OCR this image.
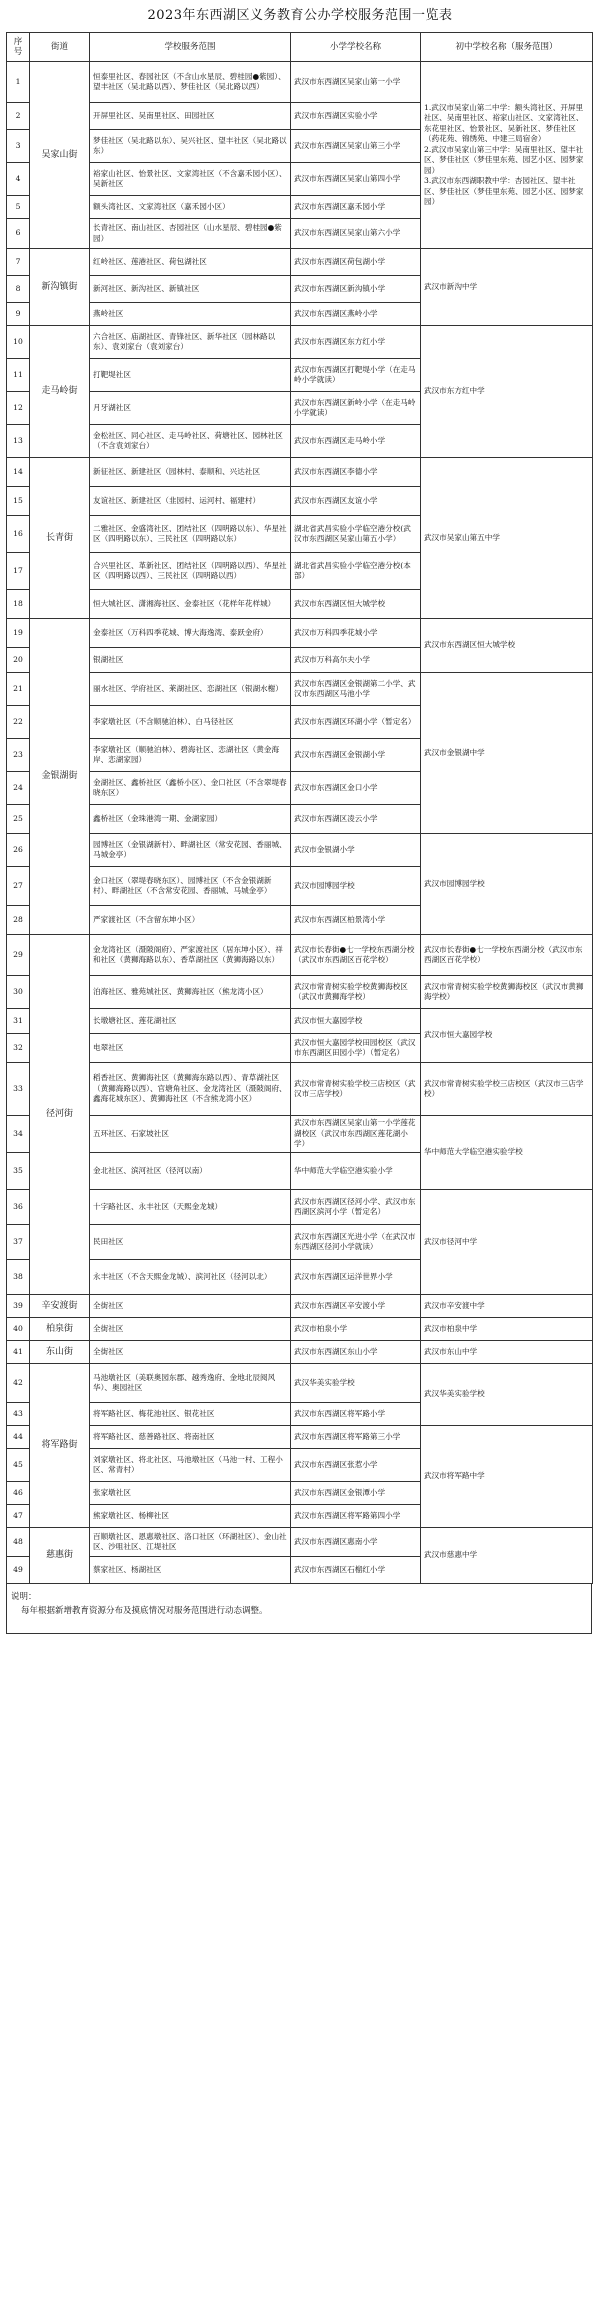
2023年东西湖区义务教育公办学校服务范围一览表
序号	街道	学校服务范围	小学学校名称	初中学校名称（服务范围）
1	吴家山街	恒泰里社区、春园社区（不含山水星辰、碧桂园●紫园）、望丰社区（吴北路以西）、梦佳社区（吴北路以西）	武汉市东西湖区吴家山第一小学	1.武汉市吴家山第二中学：额头湾社区、开屏里社区、吴南里社区、裕家山社区、文家湾社区、东花里社区、怡景社区、吴新社区、梦佳社区（药花苑、锦绣苑、中建三局宿舍）
2.武汉市吴家山第三中学：吴南里社区、望丰社区、梦佳社区（梦佳里东苑、园艺小区、园梦家园）
3.武汉市东西湖职教中学：杏园社区、望丰社区、梦佳社区（梦佳里东苑、园艺小区、园梦家园）

2		开屏里社区、吴南里社区、田园社区	武汉市东西湖区实验小学	
3		梦佳社区（吴北路以东）、吴兴社区、望丰社区（吴北路以东）	武汉市东西湖区吴家山第三小学	
4		裕家山社区、怡景社区、文家湾社区（不含嘉禾园小区）、吴新社区	武汉市东西湖区吴家山第四小学	
5		额头湾社区、文家湾社区（嘉禾园小区）	武汉市东西湖区嘉禾园小学	
6		长青社区、南山社区、杏园社区（山水星辰、碧桂园●紫园）	武汉市东西湖区吴家山第六小学	
7	新沟镇街	红岭社区、莲港社区、荷包湖社区	武汉市东西湖区荷包湖小学	武汉市新沟中学
8		新河社区、新沟社区、新镇社区	武汉市东西湖区新沟镇小学	
9		燕岭社区	武汉市东西湖区燕岭小学	
10	走马岭街	六合社区、庙湖社区、青锋社区、新华社区（园林路以东）、袁刘家台（袁刘家台）	武汉市东西湖区东方红小学	武汉市东方红中学
11		打靶堤社区	武汉市东西湖区打靶堤小学（在走马岭小学就读）	
12		月牙湖社区	武汉市东西湖区新岭小学（在走马岭小学就读）	
13		金松社区、同心社区、走马岭社区、荷塘社区、园林社区（不含袁刘家台）	武汉市东西湖区走马岭小学	
14	长青街	新征社区、新建社区（园林村、泰顺和、兴达社区	武汉市东西湖区李德小学	武汉市吴家山第五中学
15		友谊社区、新建社区（韭园村、运河村、福建村）	武汉市东西湖区友谊小学	
16		二雅社区、金盛湾社区、团结社区（四明路以东）、华星社区（四明路以东）、三民社区（四明路以东）	湖北省武昌实验小学临空港分校(武汉市东西湖区吴家山第五小学）	
17		合兴里社区、革新社区、团结社区（四明路以西）、华星社区（四明路以西）、三民社区（四明路以西）	湖北省武昌实验小学临空港分校(本部）	
18		恒大城社区、潇湘海社区、金泰社区（花样年花样城）	武汉市东西湖区恒大城学校	
19	金银湖街	金泰社区（万科四季花城、博大海逸湾、泰跃金府）	武汉市万科四季花城小学	武汉市东西湖区恒大城学校
20		银湖社区	武汉市万科高尔夫小学	
21		丽水社区、学府社区、莱湖社区、恋湖社区（银湖水榭）	武汉市东西湖区金银湖第二小学、武汉市东西湖区马池小学	武汉市金银湖中学
22		李家墩社区（不含顺驰泊林）、白马径社区	武汉市东西湖区环湖小学（暂定名）	
23		李家墩社区（顺驰泊林）、碧海社区、恋湖社区（黄金海岸、恋湖家园）	武汉市东西湖区金银湖小学	
24		金湖社区、鑫桥社区（鑫桥小区）、金口社区（不含翠堤春晓东区）	武汉市东西湖区金口小学	
25		鑫桥社区（金珠港湾一期、金湖家园）	武汉市东西湖区凌云小学	
26		园博社区（金银湖新村）、畔湖社区（常安花园、香丽城、马城金亭）	武汉市金银湖小学	武汉市园博园学校
27		金口社区（翠堤春晓东区）、园博社区（不含金银湖新村）、畔湖社区（不含常安花园、香丽城、马城金亭）	武汉市园博园学校	
28		严家渡社区（不含留东坤小区）	武汉市东西湖区柏景湾小学	
29	径河街	金龙湾社区（滠陂阁府）、严家渡社区（居东坤小区）、祥和社区（黄狮海路以东）、香草湖社区（黄狮海路以东）	武汉市长春街●七一学校东西湖分校（武汉市东西湖区百花学校）	武汉市长春街●七一学校东西湖分校（武汉市东西湖区百花学校）
30		泊海社区、雅苑城社区、黄狮海社区（熊龙湾小区）	武汉市常青树实验学校黄狮海校区（武汉市黄狮海学校）	武汉市常青树实验学校黄狮海校区（武汉市黄狮海学校）
31		长墩塘社区、莲花湖社区	武汉市恒大嘉园学校	武汉市恒大嘉园学校
32		电翠社区	武汉市恒大嘉园学校田园校区（武汉市东西湖区田园小学）（暂定名）	
33		稻香社区、黄狮海社区（黄狮海东路以西）、青草湖社区（黄狮海路以西）、官塘角社区、金龙湾社区（滠陂阁府、鑫海花城东区）、黄狮海社区（不含熊龙湾小区）	武汉市常青树实验学校三店校区（武汉市三店学校）	武汉市常青树实验学校三店校区（武汉市三店学校）
34		五环社区、石家坡社区	武汉市东西湖区吴家山第一小学莲花湖校区（武汉市东西湖区莲花湖小学）	华中师范大学临空港实验学校
35		金北社区、滨河社区（径河以南）	华中师范大学临空港实验小学	
36		十字路社区、永丰社区（天熙金龙城）	武汉市东西湖区径河小学、武汉市东西湖区滨河小学（暂定名）	武汉市径河中学
37		民田社区	武汉市东西湖区光进小学（在武汉市东西湖区径河小学就读）	
38		永丰社区（不含天熙金龙城）、滨河社区（径河以北）	武汉市东西湖区运洋世界小学	
39	辛安渡街	全街社区	武汉市东西湖区辛安渡小学	武汉市辛安渡中学
40	柏泉街	全街社区	武汉市柏泉小学	武汉市柏泉中学
41	东山街	全街社区	武汉市东西湖区东山小学	武汉市东山中学
42	将军路街	马池墩社区（美联奥园东郡、越秀逸府、金地北辰阅风华）、奥园社区	武汉华美实验学校	武汉华美实验学校
43		将军路社区、梅花池社区、银花社区	武汉市东西湖区将军路小学	
44		将军路社区、慈善路社区、将南社区	武汉市东西湖区将军路第三小学	武汉市将军路中学
45		刘家墩社区、将北社区、马池墩社区（马池一村、工程小区、常青村）	武汉市东西湖区张惹小学	
46		张家墩社区	武汉市东西湖区金银潭小学	
47		熊家墩社区、杨柳社区	武汉市东西湖区将军路第四小学	
48	慈惠街	百顺墩社区、恩惠墩社区、洛口社区（环湖社区）、金山社区、沙咀社区、江堤社区	武汉市东西湖区惠南小学	武汉市慈惠中学
49		蔡家社区、杨湖社区	武汉市东西湖区石榴红小学	
说明：
每年根据新增教育资源分布及摸底情况对服务范围进行动态调整。
